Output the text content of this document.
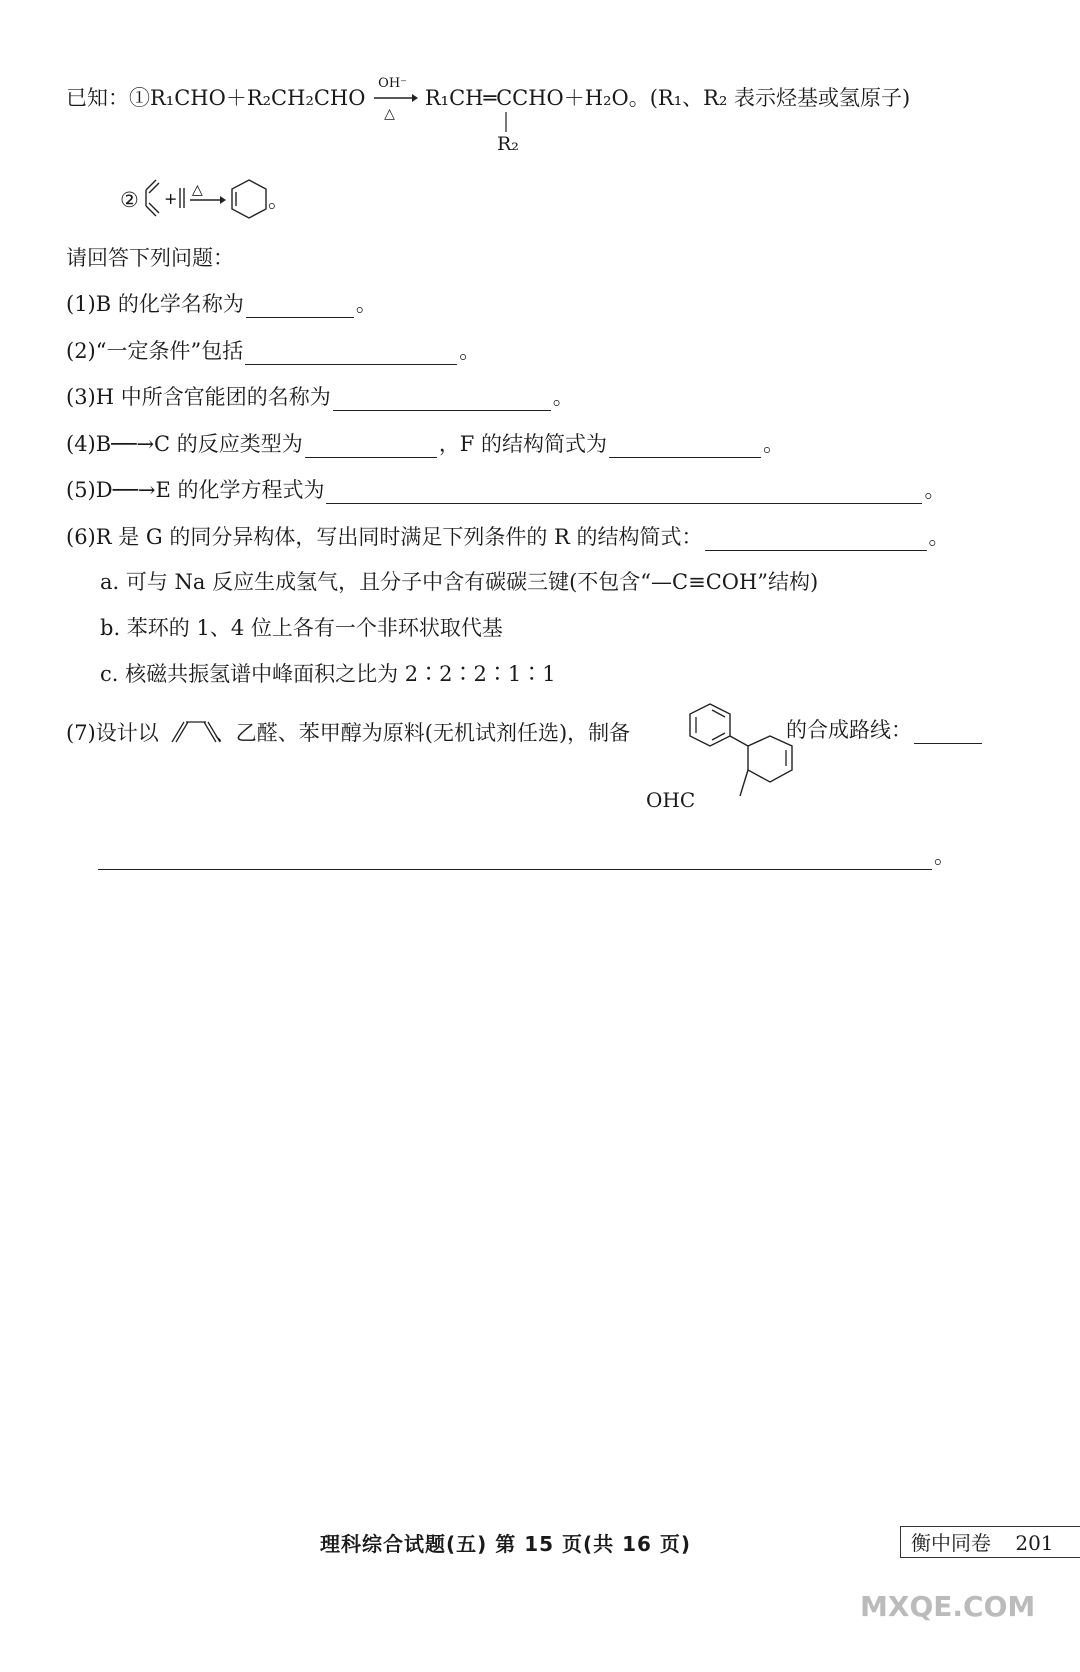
已知：①R₁CHO＋R₂CH₂CHO
OH⁻
△
R₁CH═CCHO＋H₂O。(R₁、R₂ 表示烃基或氢原子)
R₂
② + △	。
请回答下列问题：
(1)B 的化学名称为	。
(2)“一定条件”包括	。
(3)H 中所含官能团的名称为	。
(4)B──→C 的反应类型为	，F 的结构简式为	。
(5)D──→E 的化学方程式为	。
(6)R 是 G 的同分异构体，写出同时满足下列条件的 R 的结构简式：	。
a. 可与 Na 反应生成氢气，且分子中含有碳碳三键(不包含“—C≡COH”结构)
b. 苯环的 1、4 位上各有一个非环状取代基
c. 核磁共振氢谱中峰面积之比为 2∶2∶2∶1∶1
(7)设计以	、乙醛、苯甲醇为原料(无机试剂任选)，制备
OHC
的合成路线：
。
理科综合试题(五) 第 15 页(共 16 页)	衡中同卷 201
MXQE.COM
